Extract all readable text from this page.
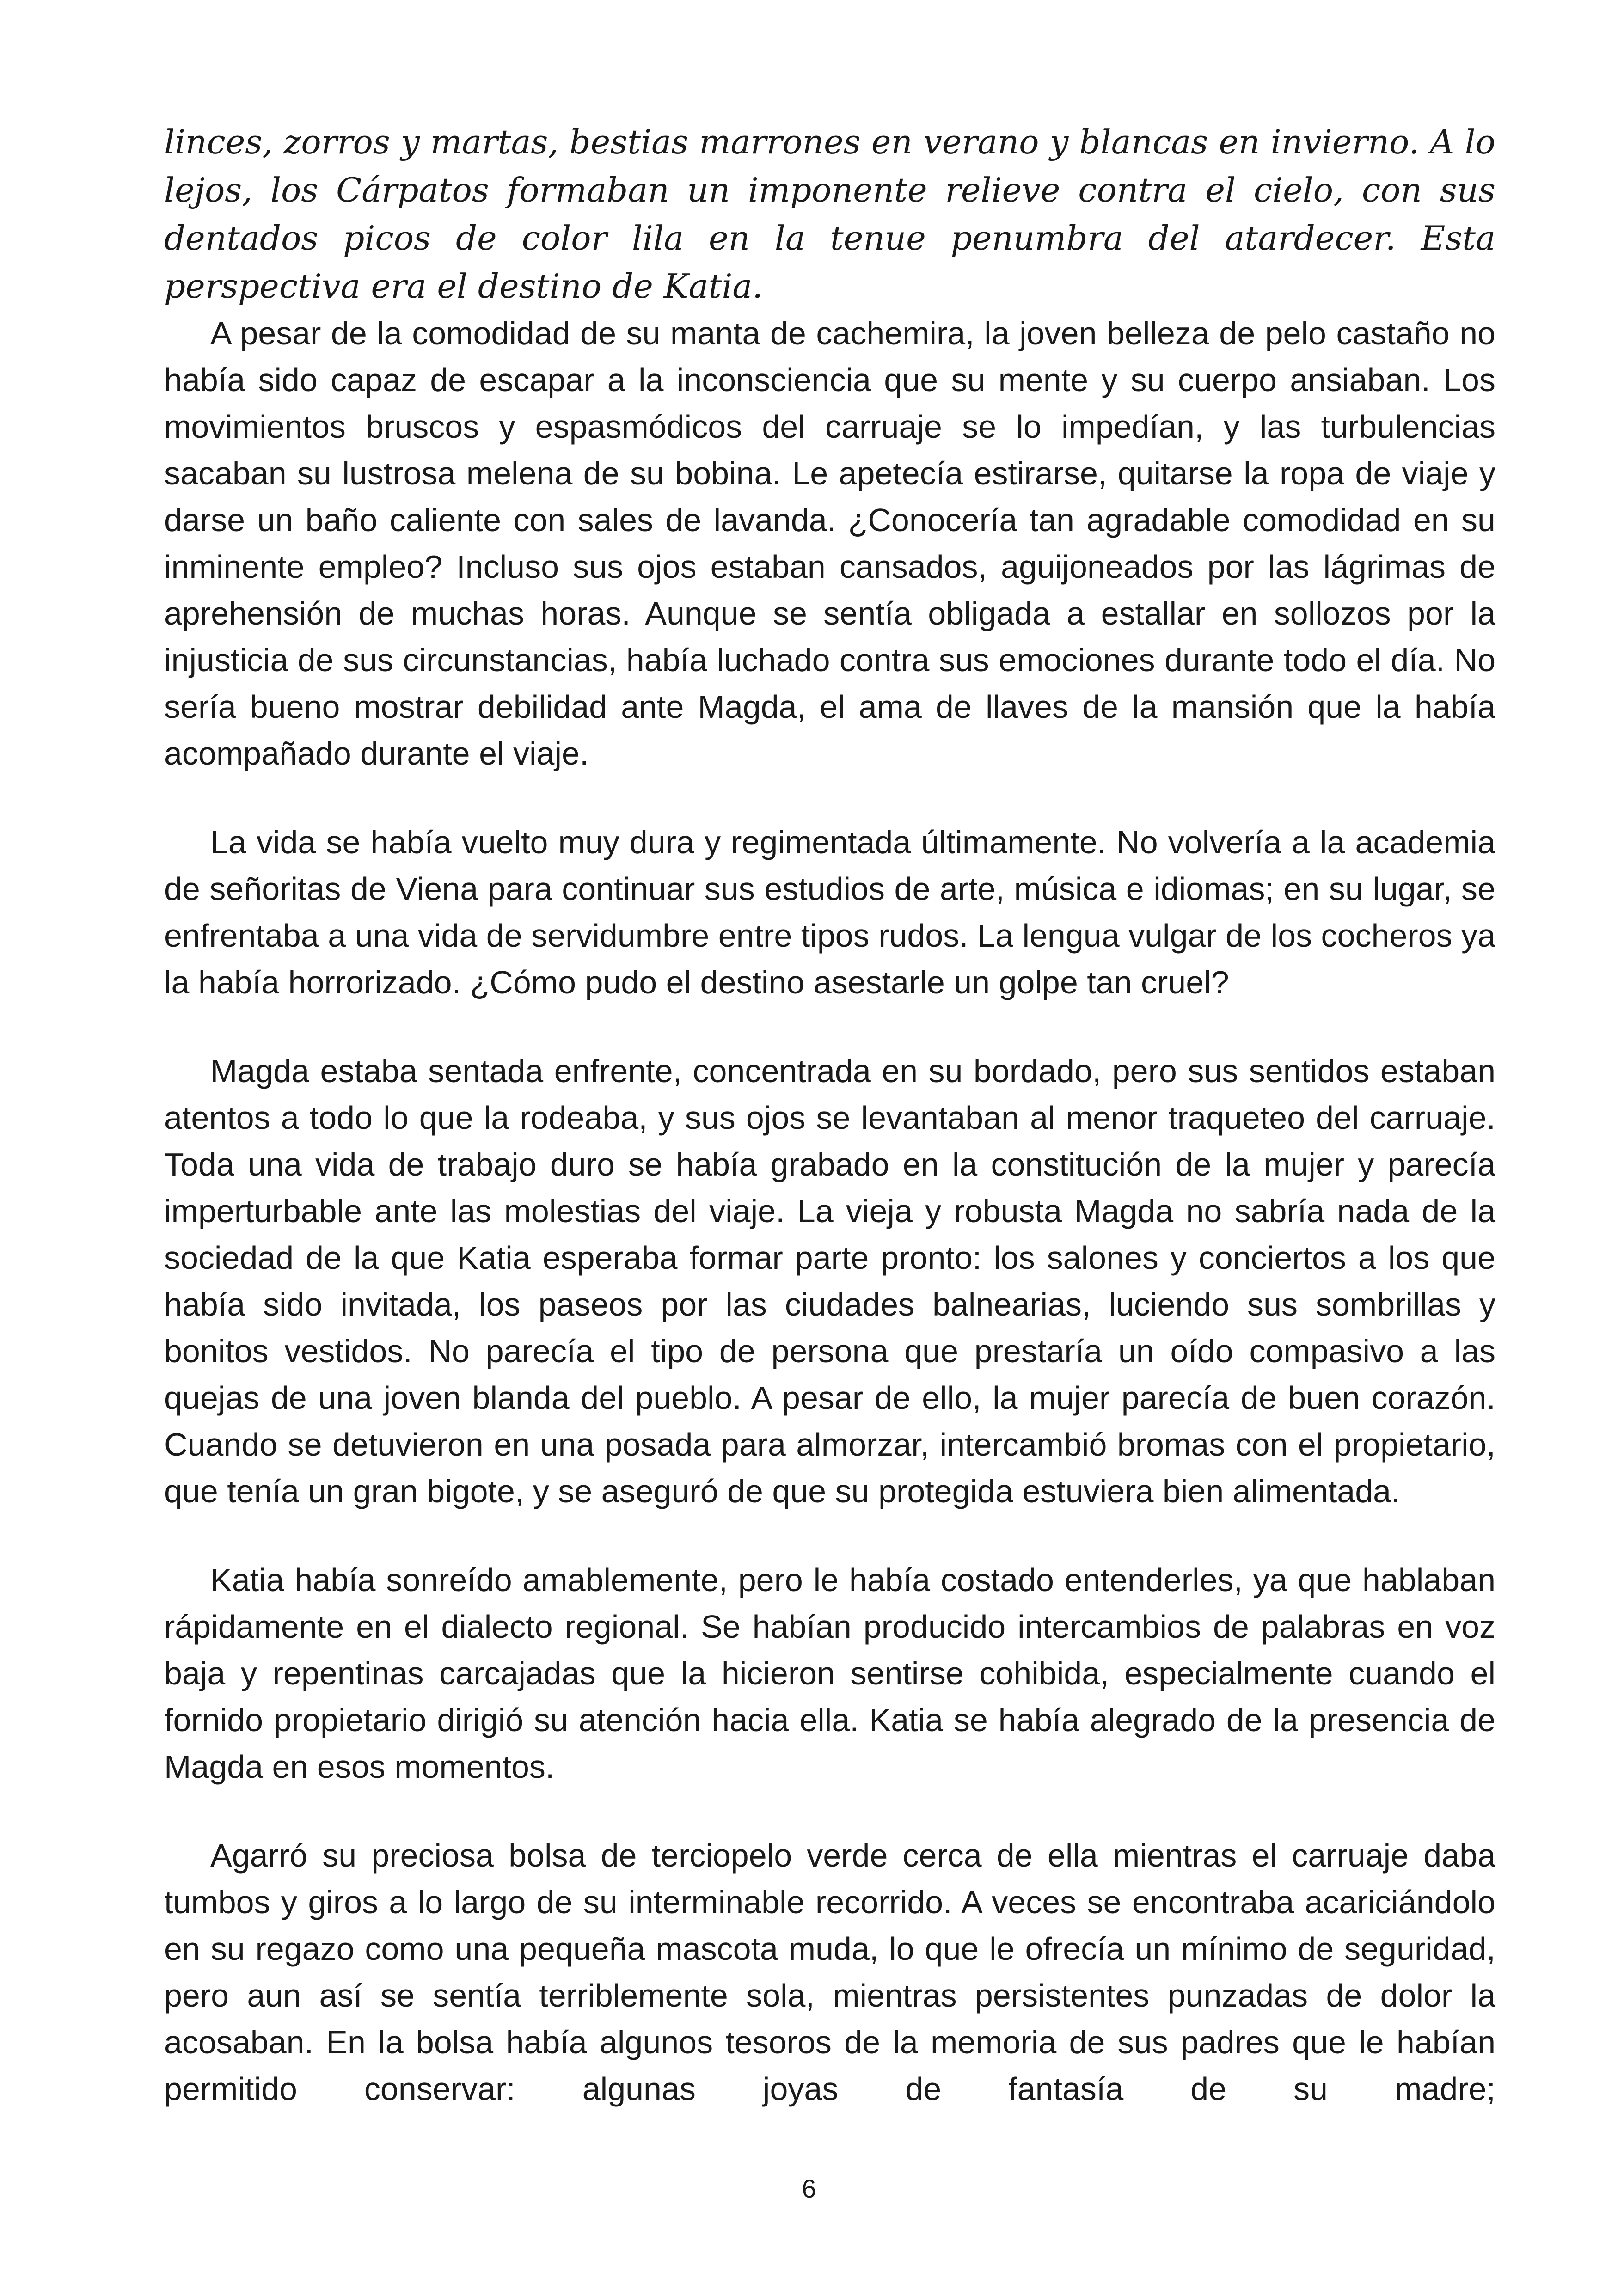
linces, zorros y martas, bestias marrones en verano y blancas en invierno. A lo lejos, los Cárpatos formaban un imponente relieve contra el cielo, con sus dentados picos de color lila en la tenue penumbra del atardecer. Esta perspectiva era el destino de Katia.

A pesar de la comodidad de su manta de cachemira, la joven belleza de pelo castaño no había sido capaz de escapar a la inconsciencia que su mente y su cuerpo ansiaban. Los movimientos bruscos y espasmódicos del carruaje se lo impedían, y las turbulencias sacaban su lustrosa melena de su bobina. Le apetecía estirarse, quitarse la ropa de viaje y darse un baño caliente con sales de lavanda. ¿Conocería tan agradable comodidad en su inminente empleo? Incluso sus ojos estaban cansados, aguijoneados por las lágrimas de aprehensión de muchas horas. Aunque se sentía obligada a estallar en sollozos por la injusticia de sus circunstancias, había luchado contra sus emociones durante todo el día. No sería bueno mostrar debilidad ante Magda, el ama de llaves de la mansión que la había acompañado durante el viaje.

La vida se había vuelto muy dura y regimentada últimamente. No volvería a la academia de señoritas de Viena para continuar sus estudios de arte, música e idiomas; en su lugar, se enfrentaba a una vida de servidumbre entre tipos rudos. La lengua vulgar de los cocheros ya la había horrorizado. ¿Cómo pudo el destino asestarle un golpe tan cruel?

Magda estaba sentada enfrente, concentrada en su bordado, pero sus sentidos estaban atentos a todo lo que la rodeaba, y sus ojos se levantaban al menor traqueteo del carruaje. Toda una vida de trabajo duro se había grabado en la constitución de la mujer y parecía imperturbable ante las molestias del viaje. La vieja y robusta Magda no sabría nada de la sociedad de la que Katia esperaba formar parte pronto: los salones y conciertos a los que había sido invitada, los paseos por las ciudades balnearias, luciendo sus sombrillas y bonitos vestidos. No parecía el tipo de persona que prestaría un oído compasivo a las quejas de una joven blanda del pueblo. A pesar de ello, la mujer parecía de buen corazón. Cuando se detuvieron en una posada para almorzar, intercambió bromas con el propietario, que tenía un gran bigote, y se aseguró de que su protegida estuviera bien alimentada.

Katia había sonreído amablemente, pero le había costado entenderles, ya que hablaban rápidamente en el dialecto regional. Se habían producido intercambios de palabras en voz baja y repentinas carcajadas que la hicieron sentirse cohibida, especialmente cuando el fornido propietario dirigió su atención hacia ella. Katia se había alegrado de la presencia de Magda en esos momentos.

Agarró su preciosa bolsa de terciopelo verde cerca de ella mientras el carruaje daba tumbos y giros a lo largo de su interminable recorrido. A veces se encontraba acariciándolo en su regazo como una pequeña mascota muda, lo que le ofrecía un mínimo de seguridad, pero aun así se sentía terriblemente sola, mientras persistentes punzadas de dolor la acosaban. En la bolsa había algunos tesoros de la memoria de sus padres que le habían permitido conservar: algunas joyas de fantasía de su madre;

6
